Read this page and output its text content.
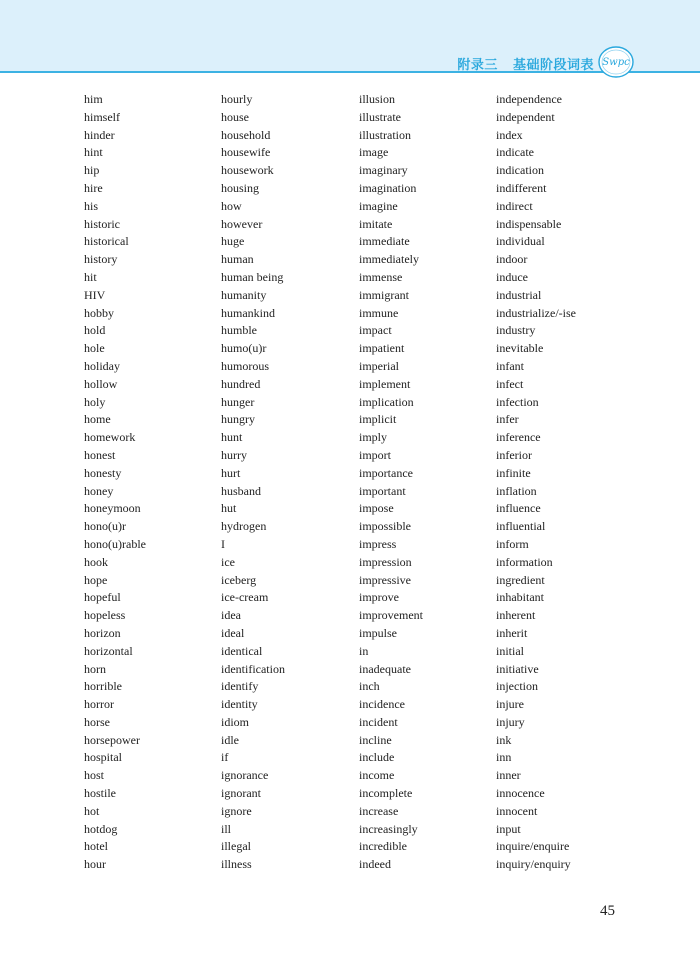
附录三   基础阶段词表 Swpc
him
himself
hinder
hint
hip
hire
his
historic
historical
history
hit
HIV
hobby
hold
hole
holiday
hollow
holy
home
homework
honest
honesty
honey
honeymoon
hono(u)r
hono(u)rable
hook
hope
hopeful
hopeless
horizon
horizontal
horn
horrible
horror
horse
horsepower
hospital
host
hostile
hot
hotdog
hotel
hour
hourly
house
household
housewife
housework
housing
how
however
huge
human
human being
humanity
humankind
humble
humo(u)r
humorous
hundred
hunger
hungry
hunt
hurry
hurt
husband
hut
hydrogen
I
ice
iceberg
ice-cream
idea
ideal
identical
identification
identify
identity
idiom
idle
if
ignorance
ignorant
ignore
ill
illegal
illness
illusion
illustrate
illustration
image
imaginary
imagination
imagine
imitate
immediate
immediately
immense
immigrant
immune
impact
impatient
imperial
implement
implication
implicit
imply
import
importance
important
impose
impossible
impress
impression
impressive
improve
improvement
impulse
in
inadequate
inch
incidence
incident
incline
include
income
incomplete
increase
increasingly
incredible
indeed
independence
independent
index
indicate
indication
indifferent
indirect
indispensable
individual
indoor
induce
industrial
industrialize/-ise
industry
inevitable
infant
infect
infection
infer
inference
inferior
infinite
inflation
influence
influential
inform
information
ingredient
inhabitant
inherent
inherit
initial
initiative
injection
injure
injury
ink
inn
inner
innocence
innocent
input
inquire/enquire
inquiry/enquiry
45
